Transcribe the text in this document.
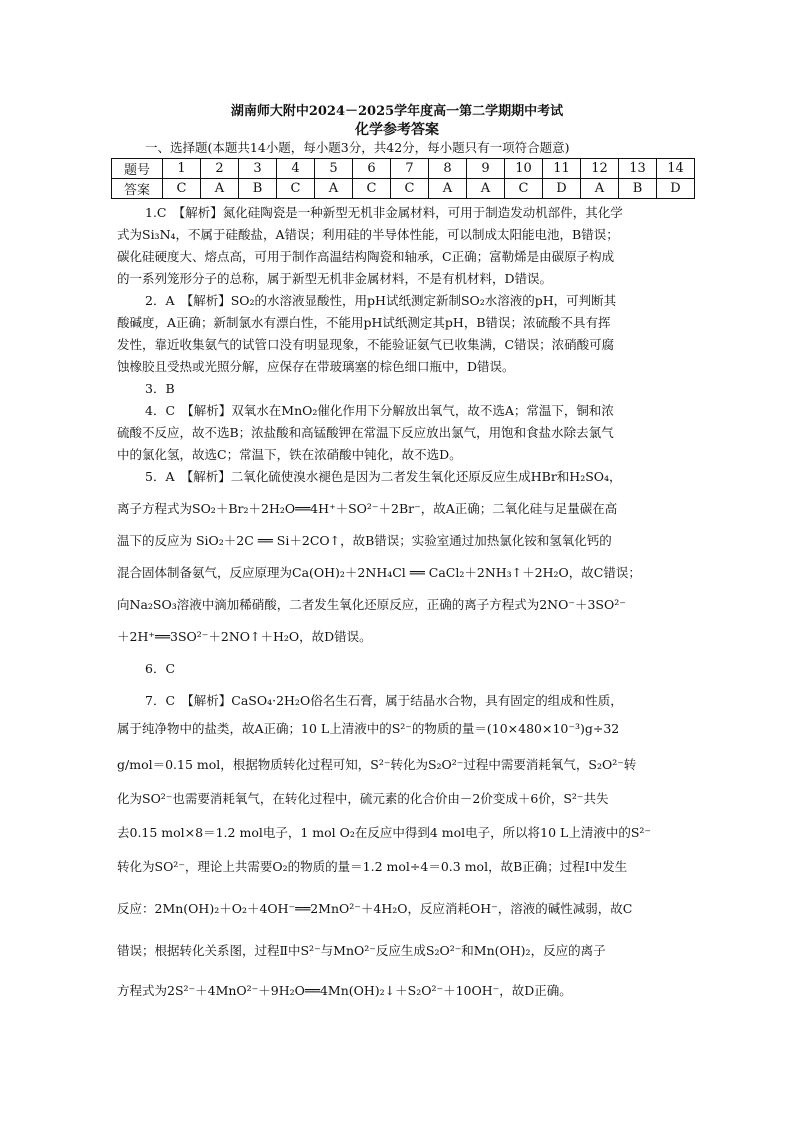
湖南师大附中2024－2025学年度高一第二学期期中考试
化学参考答案
一、选择题(本题共14小题，每小题3分，共42分，每小题只有一项符合题意)
题号	1	2	3	4	5	6	7	8	9	10	11	12	13	14
答案	C	A	B	C	A	C	C	A	A	C	D	A	B	D
1.C　【解析】氮化硅陶瓷是一种新型无机非金属材料，可用于制造发动机部件，其化学
式为Si₃N₄，不属于硅酸盐，A错误；利用硅的半导体性能，可以制成太阳能电池，B错误；
碳化硅硬度大、熔点高，可用于制作高温结构陶瓷和轴承，C正确；富勒烯是由碳原子构成
的一系列笼形分子的总称，属于新型无机非金属材料，不是有机材料，D错误。
2．A　【解析】SO₂的水溶液显酸性，用pH试纸测定新制SO₂水溶液的pH，可判断其
酸碱度，A正确；新制氯水有漂白性，不能用pH试纸测定其pH，B错误；浓硫酸不具有挥
发性，靠近收集氨气的试管口没有明显现象，不能验证氨气已收集满，C错误；浓硝酸可腐
蚀橡胶且受热或光照分解，应保存在带玻璃塞的棕色细口瓶中，D错误。
3．B
4．C　【解析】双氧水在MnO₂催化作用下分解放出氧气，故不选A；常温下，铜和浓
硫酸不反应，故不选B；浓盐酸和高锰酸钾在常温下反应放出氯气，用饱和食盐水除去氯气
中的氯化氢，故选C；常温下，铁在浓硝酸中钝化，故不选D。
5．A　【解析】二氧化硫使溴水褪色是因为二者发生氧化还原反应生成HBr和H₂SO₄，
离子方程式为SO₂＋Br₂＋2H₂O══4H⁺＋SO²⁻＋2Br⁻，故A正确；二氧化硅与足量碳在高
温下的反应为 SiO₂＋2C ══ Si＋2CO↑，故B错误；实验室通过加热氯化铵和氢氧化钙的
混合固体制备氨气，反应原理为Ca(OH)₂＋2NH₄Cl ══ CaCl₂＋2NH₃↑＋2H₂O，故C错误；
向Na₂SO₃溶液中滴加稀硝酸，二者发生氧化还原反应，正确的离子方程式为2NO⁻＋3SO²⁻
＋2H⁺══3SO²⁻＋2NO↑＋H₂O，故D错误。
6．C
7．C　【解析】CaSO₄·2H₂O俗名生石膏，属于结晶水合物，具有固定的组成和性质，
属于纯净物中的盐类，故A正确；10 L上清液中的S²⁻的物质的量＝(10×480×10⁻³)g÷32
g/mol＝0.15 mol，根据物质转化过程可知，S²⁻转化为S₂O²⁻过程中需要消耗氧气，S₂O²⁻转
化为SO²⁻也需要消耗氧气，在转化过程中，硫元素的化合价由－2价变成＋6价，S²⁻共失
去0.15 mol×8＝1.2 mol电子，1 mol O₂在反应中得到4 mol电子，所以将10 L上清液中的S²⁻
转化为SO²⁻，理论上共需要O₂的物质的量＝1.2 mol÷4＝0.3 mol，故B正确；过程Ⅰ中发生
反应：2Mn(OH)₂＋O₂＋4OH⁻══2MnO²⁻＋4H₂O，反应消耗OH⁻，溶液的碱性减弱，故C
错误；根据转化关系图，过程Ⅱ中S²⁻与MnO²⁻反应生成S₂O²⁻和Mn(OH)₂，反应的离子
方程式为2S²⁻＋4MnO²⁻＋9H₂O══4Mn(OH)₂↓＋S₂O²⁻＋10OH⁻，故D正确。
